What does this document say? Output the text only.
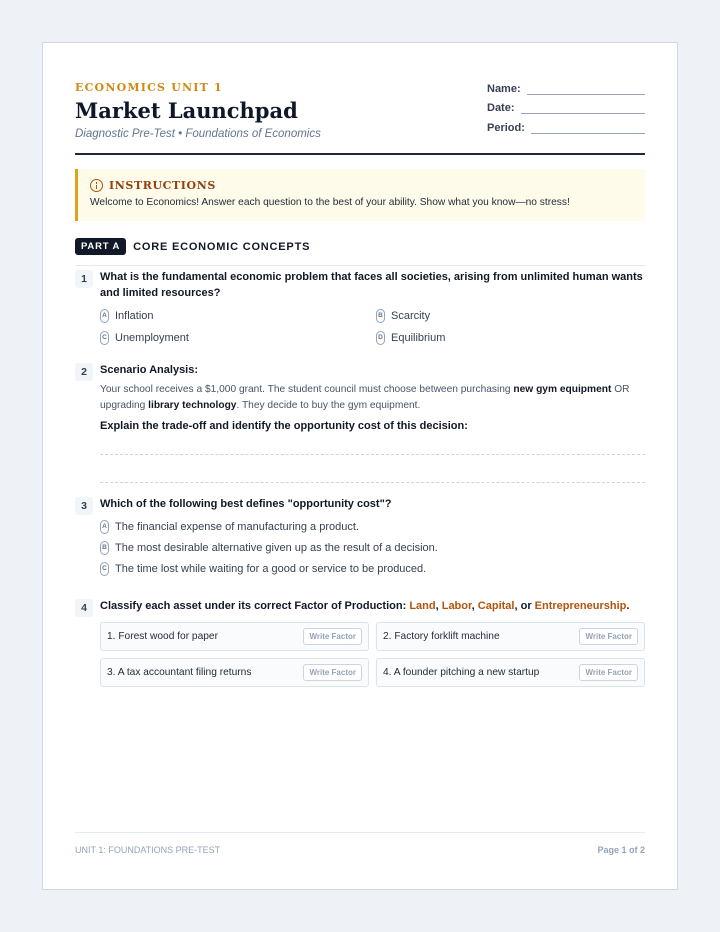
ECONOMICS UNIT 1
Market Launchpad
Diagnostic Pre-Test • Foundations of Economics
Name:
Date:
Period:
INSTRUCTIONS
Welcome to Economics! Answer each question to the best of your ability. Show what you know—no stress!
PART A	CORE ECONOMIC CONCEPTS
1	What is the fundamental economic problem that faces all societies, arising from unlimited human wants and limited resources?
A Inflation	B Scarcity
C Unemployment	D Equilibrium
2	Scenario Analysis:
Your school receives a $1,000 grant. The student council must choose between purchasing new gym equipment OR upgrading library technology. They decide to buy the gym equipment.
Explain the trade-off and identify the opportunity cost of this decision:
3	Which of the following best defines "opportunity cost"?
A The financial expense of manufacturing a product.
B The most desirable alternative given up as the result of a decision.
C The time lost while waiting for a good or service to be produced.
4	Classify each asset under its correct Factor of Production: Land, Labor, Capital, or Entrepreneurship.
1. Forest wood for paper	Write Factor	2. Factory forklift machine	Write Factor
3. A tax accountant filing returns	Write Factor	4. A founder pitching a new startup	Write Factor
UNIT 1: FOUNDATIONS PRE-TEST	Page 1 of 2
